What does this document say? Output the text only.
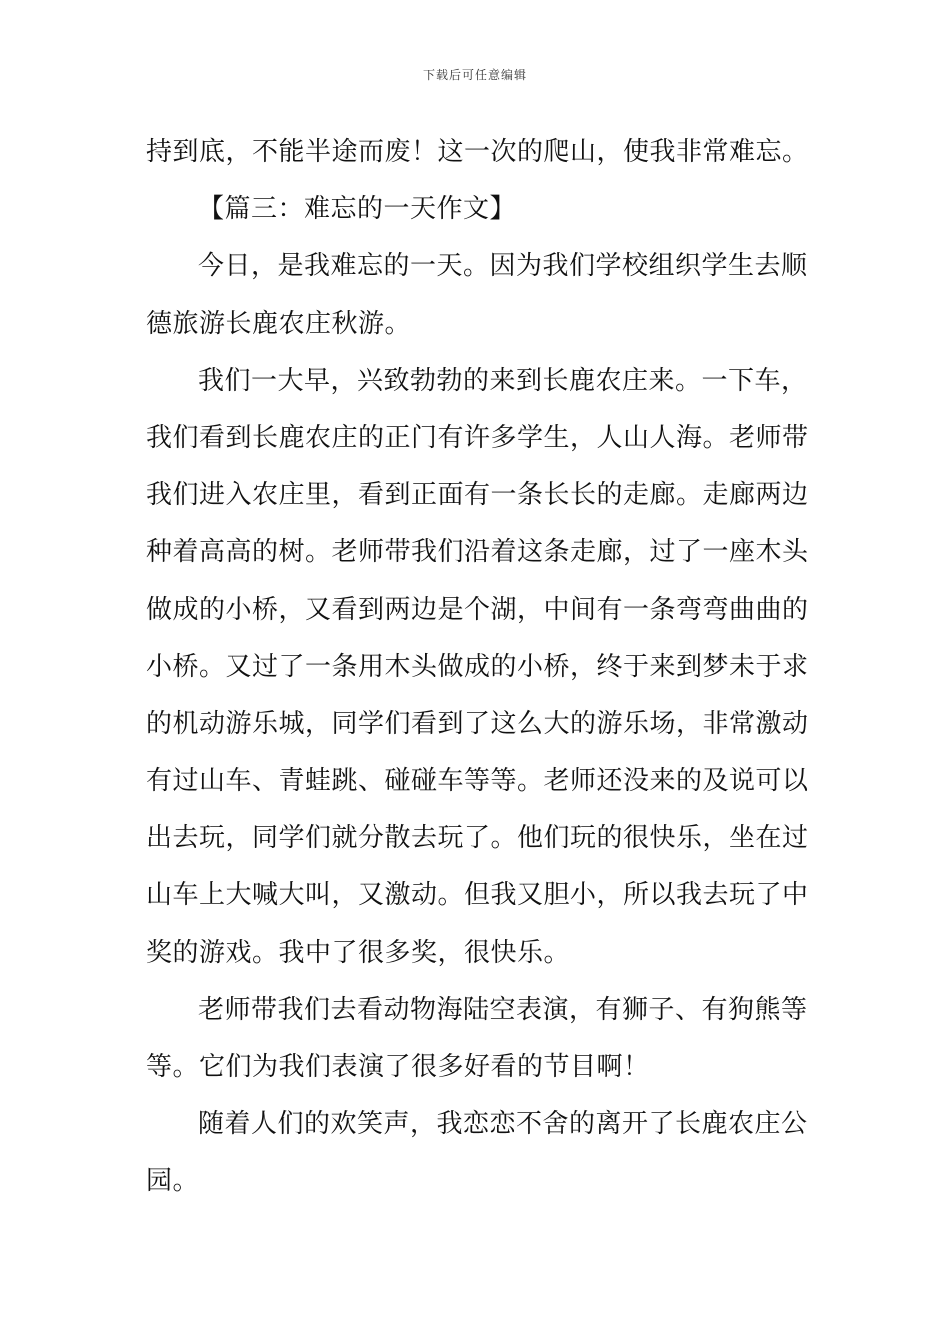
下载后可任意编辑

持到底，不能半途而废！这一次的爬山，使我非常难忘。

【篇三：难忘的一天作文】

今日，是我难忘的一天。因为我们学校组织学生去顺
德旅游长鹿农庄秋游。

我们一大早，兴致勃勃的来到长鹿农庄来。一下车，
我们看到长鹿农庄的正门有许多学生，人山人海。老师带
我们进入农庄里，看到正面有一条长长的走廊。走廊两边
种着高高的树。老师带我们沿着这条走廊，过了一座木头
做成的小桥，又看到两边是个湖，中间有一条弯弯曲曲的
小桥。又过了一条用木头做成的小桥，终于来到梦未于求
的机动游乐城，同学们看到了这么大的游乐场，非常激动
有过山车、青蛙跳、碰碰车等等。老师还没来的及说可以
出去玩，同学们就分散去玩了。他们玩的很快乐，坐在过
山车上大喊大叫，又激动。但我又胆小，所以我去玩了中
奖的游戏。我中了很多奖，很快乐。

老师带我们去看动物海陆空表演，有狮子、有狗熊等
等。它们为我们表演了很多好看的节目啊！

随着人们的欢笑声，我恋恋不舍的离开了长鹿农庄公
园。
